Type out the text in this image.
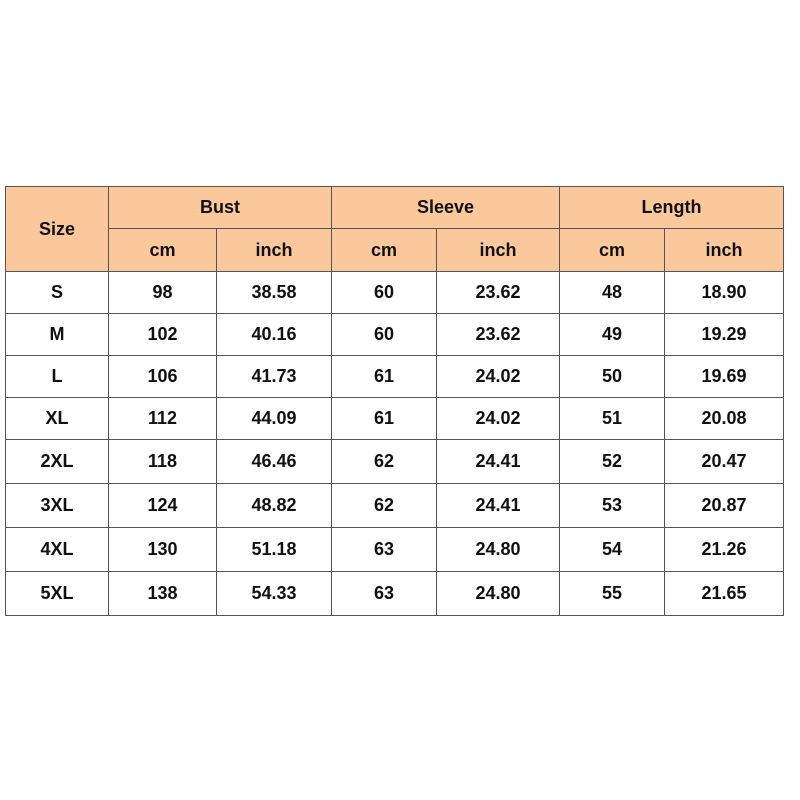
Size	Bust		Sleeve		Length	
	cm	inch	cm	inch	cm	inch
S	98	38.58	60	23.62	48	18.90
M	102	40.16	60	23.62	49	19.29
L	106	41.73	61	24.02	50	19.69
XL	112	44.09	61	24.02	51	20.08
2XL	118	46.46	62	24.41	52	20.47
3XL	124	48.82	62	24.41	53	20.87
4XL	130	51.18	63	24.80	54	21.26
5XL	138	54.33	63	24.80	55	21.65
